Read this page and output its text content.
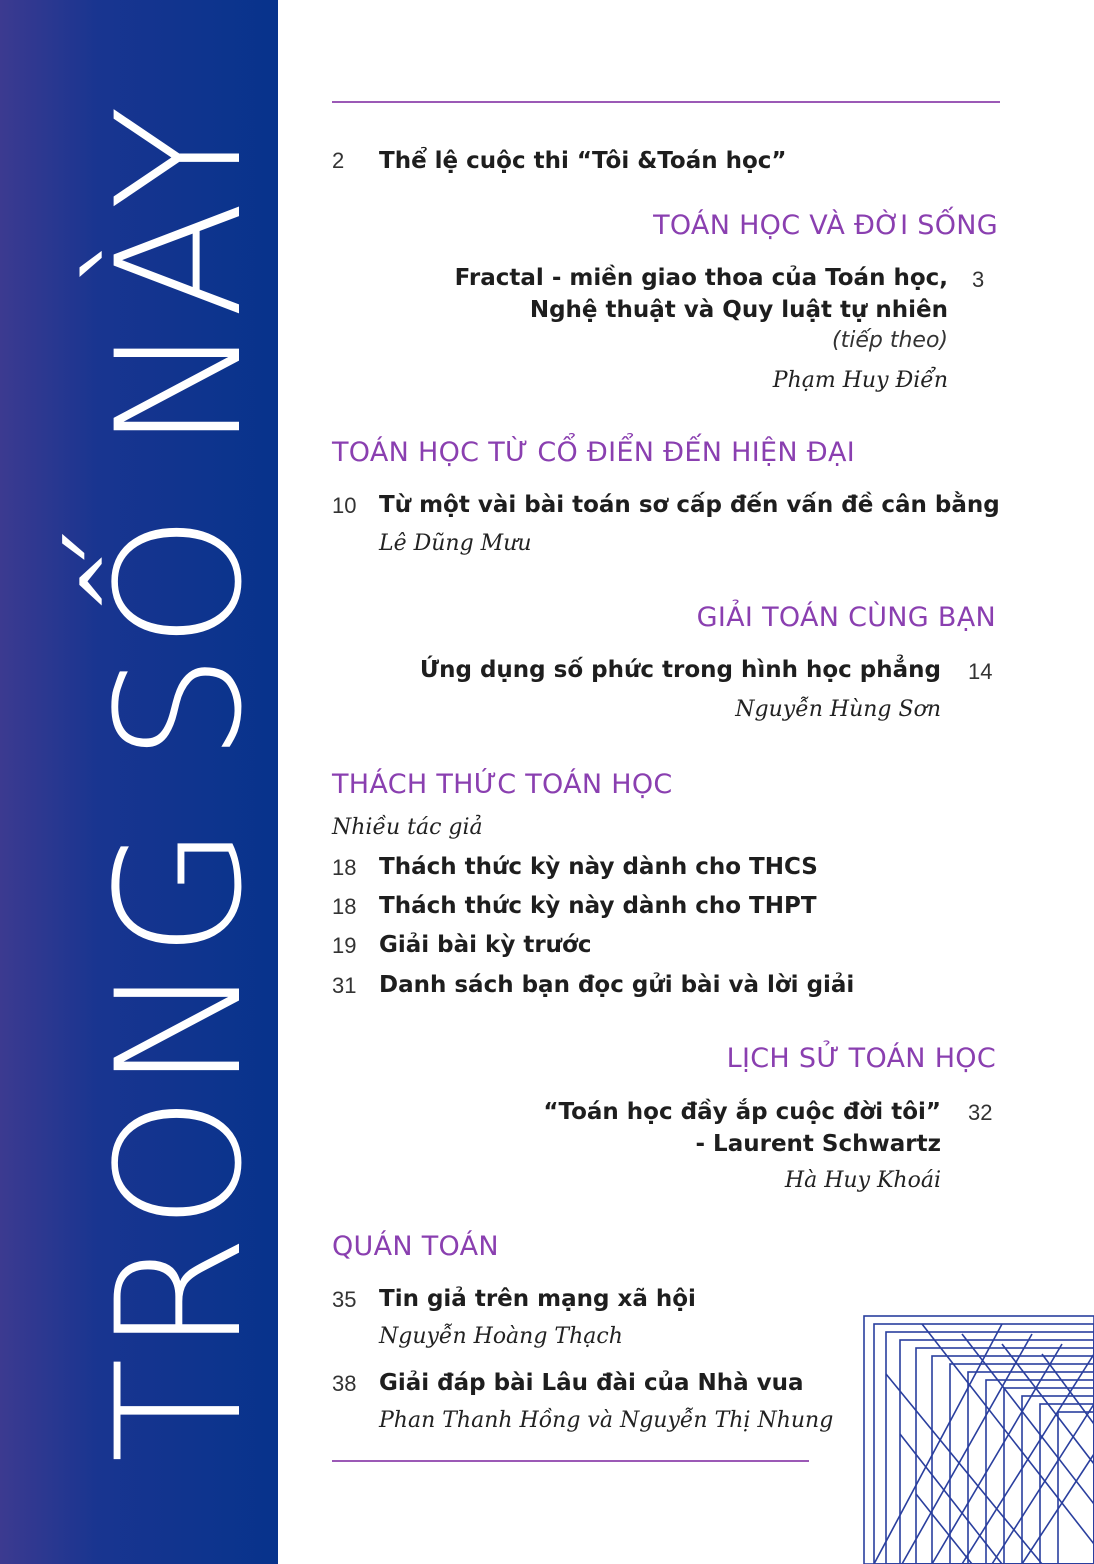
TRONG SỐ NÀY 2 Thể lệ cuộc thi “Tôi &Toán học”
TOÁN HỌC VÀ ĐỜI SỐNG
Fractal - miền giao thoa của Toán học,
Nghệ thuật và Quy luật tự nhiên
3
(tiếp theo)
Phạm Huy Điển
TOÁN HỌC TỪ CỔ ĐIỂN ĐẾN HIỆN ĐẠI
10 Từ một vài bài toán sơ cấp đến vấn đề cân bằng
Lê Dũng Mưu
GIẢI TOÁN CÙNG BẠN
Ứng dụng số phức trong hình học phẳng 14
Nguyễn Hùng Sơn
THÁCH THỨC TOÁN HỌC
Nhiều tác giả
18 Thách thức kỳ này dành cho THCS
18 Thách thức kỳ này dành cho THPT
19 Giải bài kỳ trước
31 Danh sách bạn đọc gửi bài và lời giải
LỊCH SỬ TOÁN HỌC
“Toán học đầy ắp cuộc đời tôi”
- Laurent Schwartz
32
Hà Huy Khoái
QUÁN TOÁN
35 Tin giả trên mạng xã hội
Nguyễn Hoàng Thạch
38 Giải đáp bài Lâu đài của Nhà vua
Phan Thanh Hồng và Nguyễn Thị Nhung
